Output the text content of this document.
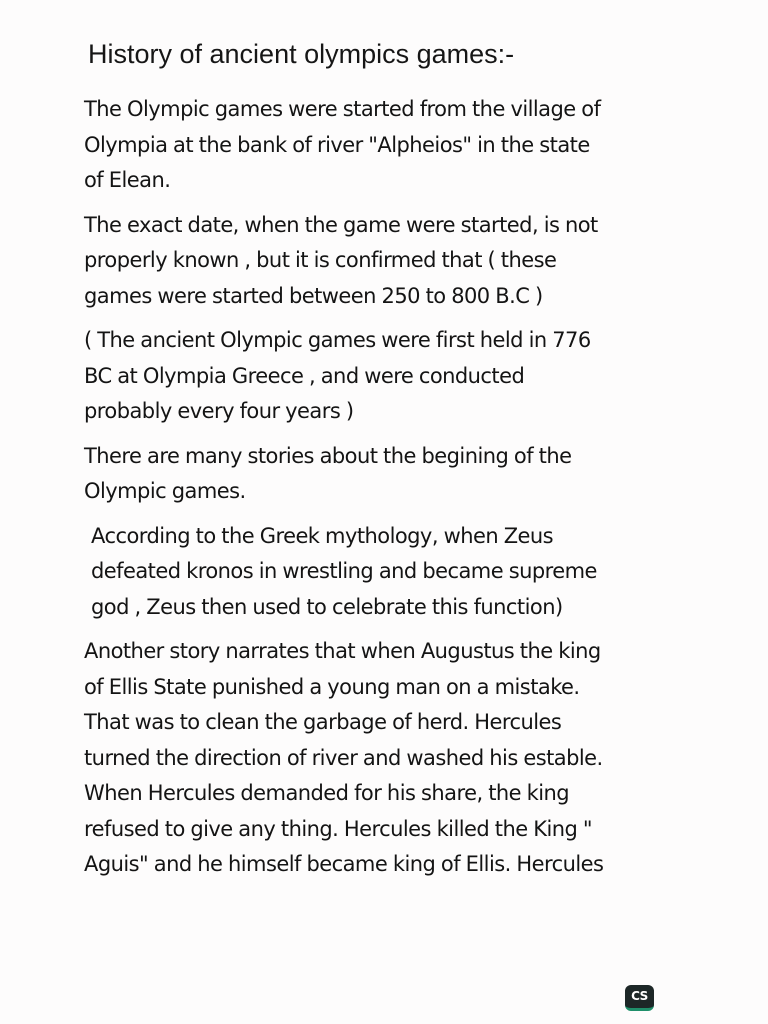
History of ancient olympics games:-

The Olympic games were started from the village of
Olympia at the bank of river "Alpheios" in the state
of Elean.

The exact date, when the game were started, is not
properly known , but it is confirmed that ( these
games were started between 250 to 800 B.C )

( The ancient Olympic games were first held in 776
BC at Olympia Greece , and were conducted
probably every four years )

There are many stories about the begining of the
Olympic games.

According to the Greek mythology, when Zeus
defeated kronos in wrestling and became supreme
god , Zeus then used to celebrate this function)

Another story narrates that when Augustus the king
of Ellis State punished a young man on a mistake.
That was to clean the garbage of herd. Hercules
turned the direction of river and washed his estable.
When Hercules demanded for his share, the king
refused to give any thing. Hercules killed the King "
Aguis" and he himself became king of Ellis. Hercules

CS
